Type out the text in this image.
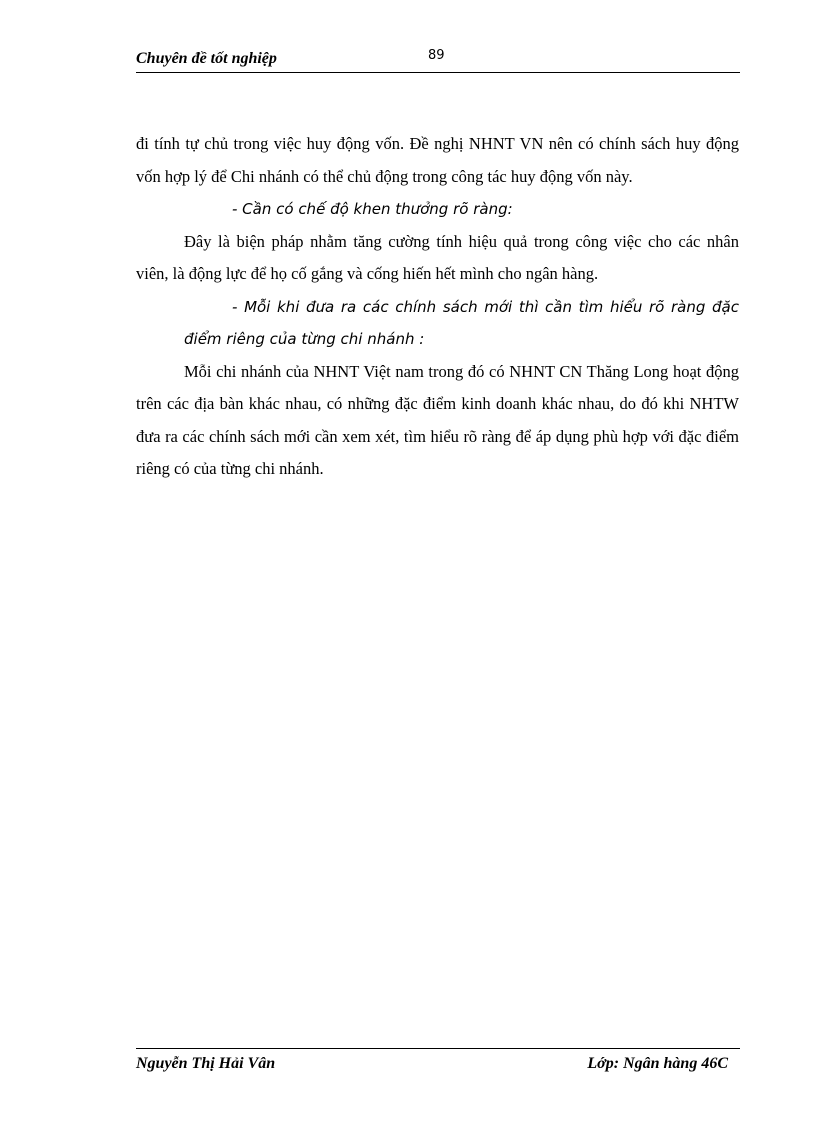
Chuyên đề tốt nghiệp	89

đi tính tự chủ trong việc huy động vốn. Đề nghị NHNT VN nên có chính sách huy động vốn hợp lý để Chi nhánh có thể chủ động trong công tác huy động vốn này.

- Cần có chế độ khen thưởng rõ ràng:

Đây là biện pháp nhằm tăng cường tính hiệu quả trong công việc cho các nhân viên, là động lực để họ cố gắng và cống hiến hết mình cho ngân hàng.

- Mỗi khi đưa ra các chính sách mới thì cần tìm hiểu rõ ràng đặc điểm riêng của từng chi nhánh :

Mỗi chi nhánh của NHNT Việt nam trong đó có NHNT CN Thăng Long hoạt động trên các địa bàn khác nhau, có những đặc điểm kinh doanh khác nhau, do đó khi NHTW đưa ra các chính sách mới cần xem xét, tìm hiểu rõ ràng để áp dụng phù hợp với đặc điểm riêng có của từng chi nhánh.

Nguyễn Thị Hải Vân	Lớp: Ngân hàng 46C
